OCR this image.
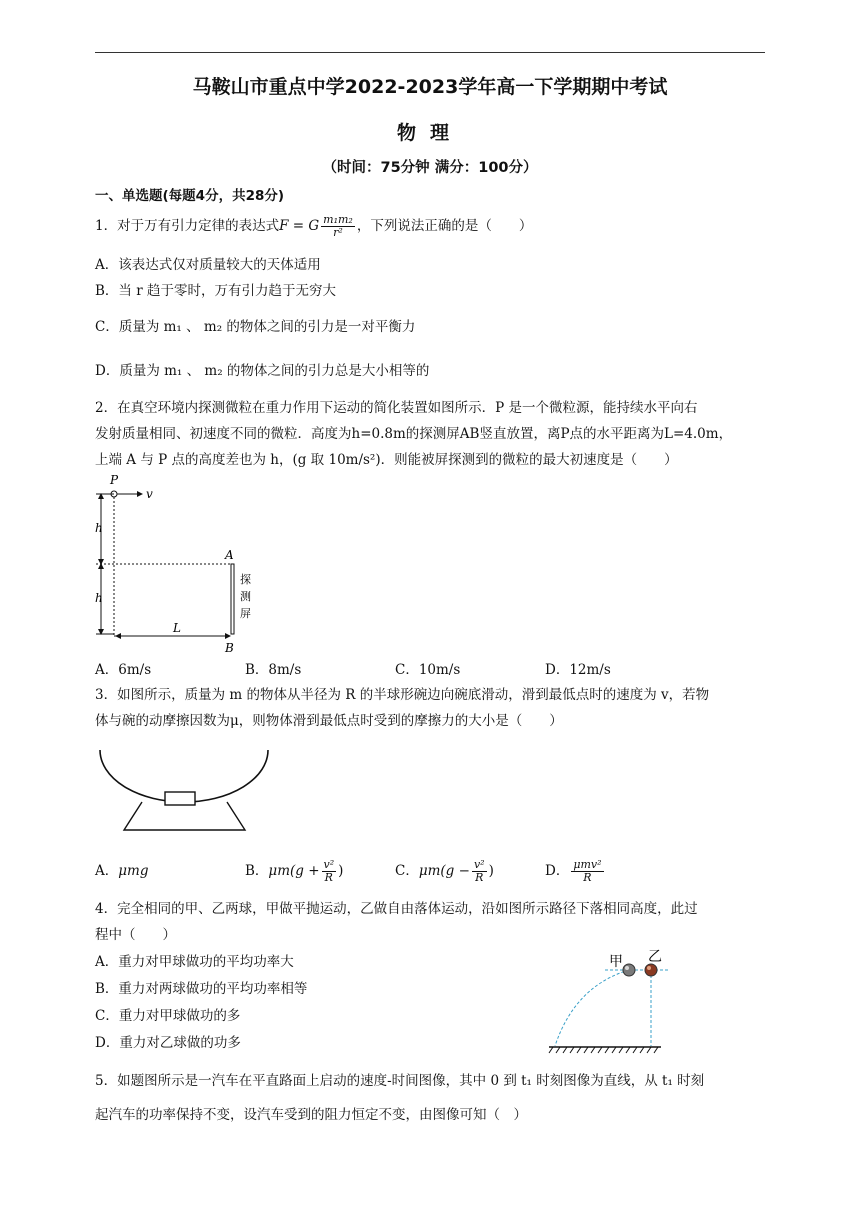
马鞍山市重点中学2022-2023学年高一下学期期中考试
物理
（时间：75分钟 满分：100分）
一、单选题(每题4分，共28分)
1．对于万有引力定律的表达式F = G $\frac{\text{m₁m₂}}{\text{r²}}$ ，下列说法正确的是（　　）
A．该表达式仅对质量较大的天体适用
B．当 r 趋于零时，万有引力趋于无穷大
C．质量为 m₁ 、 m₂ 的物体之间的引力是一对平衡力
D．质量为 m₁ 、 m₂ 的物体之间的引力总是大小相等的
2．在真空环境内探测微粒在重力作用下运动的简化装置如图所示．P 是一个微粒源，能持续水平向右
发射质量相同、初速度不同的微粒．高度为h=0.8m的探测屏AB竖直放置，离P点的水平距离为L=4.0m，
上端 A 与 P 点的高度差也为 h，(g 取 10m/s²)．则能被屏探测到的微粒的最大初速度是（　　）
P
v
h
h
A
B
探
测
屏
L
A．6m/s	B．8m/s	C．10m/s	D．12m/s
3．如图所示，质量为 m 的物体从半径为 R 的半球形碗边向碗底滑动，滑到最低点时的速度为 v，若物
体与碗的动摩擦因数为μ，则物体滑到最低点时受到的摩擦力的大小是（　　）
A．μmg	B．$\mu m(g + \frac{\text{v²}}{R}$ )	C．$\mu m(g - \frac{\text{v²}}{R}$ )	D． $\frac{\text{μmv²}}{R}$
4．完全相同的甲、乙两球，甲做平抛运动，乙做自由落体运动，沿如图所示路径下落相同高度，此过
程中（　　）
A．重力对甲球做功的平均功率大
B．重力对两球做功的平均功率相等
C．重力对甲球做功的多
D．重力对乙球做的功多
甲 乙
5．如题图所示是一汽车在平直路面上启动的速度-时间图像，其中 0 到 t₁ 时刻图像为直线，从 t₁ 时刻
起汽车的功率保持不变，设汽车受到的阻力恒定不变，由图像可知（　）
